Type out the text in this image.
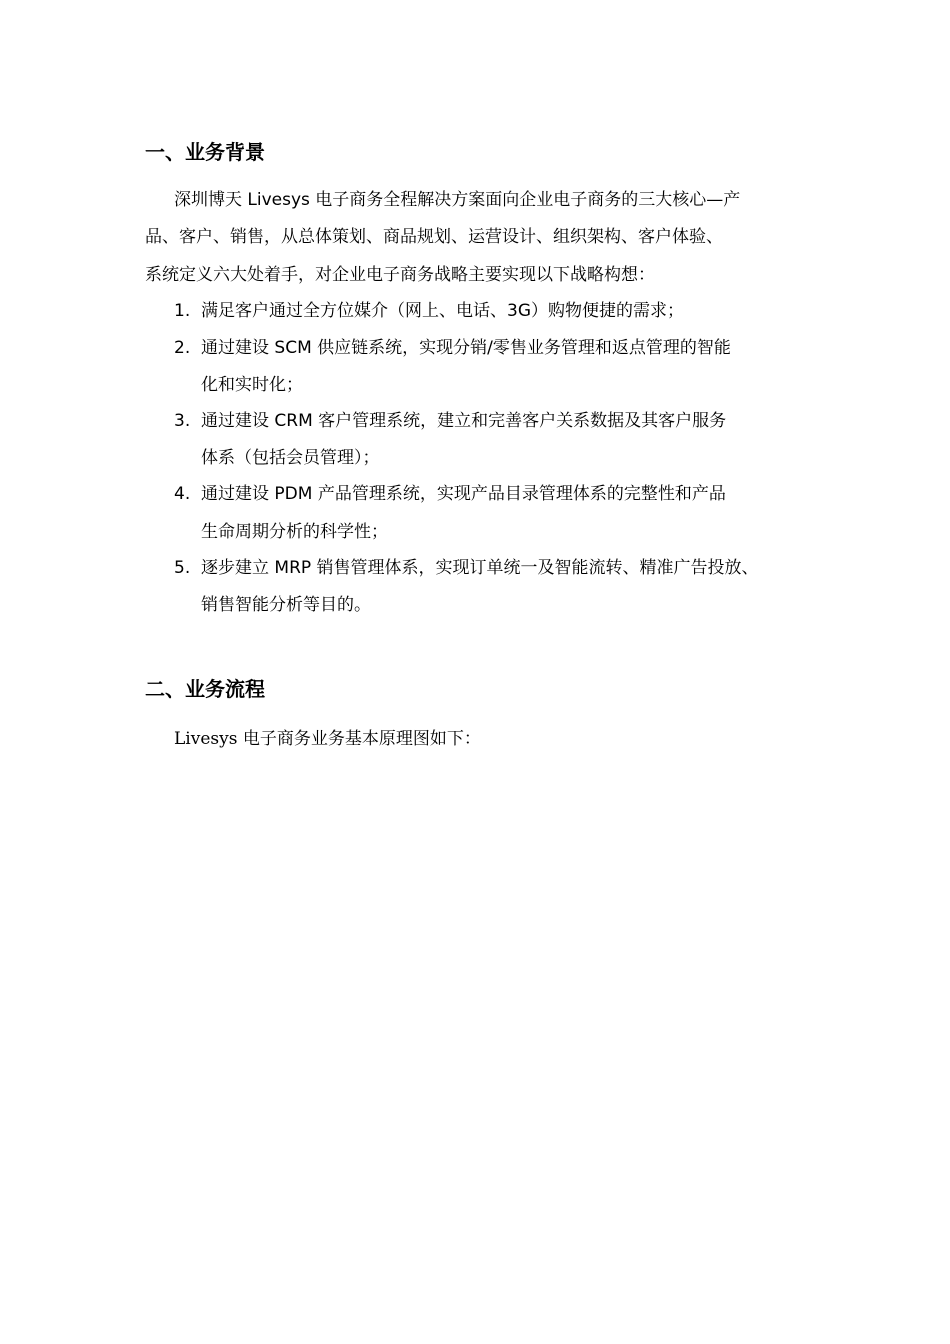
一、业务背景

深圳博天 Livesys 电子商务全程解决方案面向企业电子商务的三大核心—产

品、客户、销售，从总体策划、商品规划、运营设计、组织架构、客户体验、

系统定义六大处着手，对企业电子商务战略主要实现以下战略构想：

1. 满足客户通过全方位媒介（网上、电话、3G）购物便捷的需求；
2. 通过建设 SCM 供应链系统，实现分销/零售业务管理和返点管理的智能
化和实时化；
3. 通过建设 CRM 客户管理系统，建立和完善客户关系数据及其客户服务
体系（包括会员管理）；
4. 通过建设 PDM 产品管理系统，实现产品目录管理体系的完整性和产品
生命周期分析的科学性；
5. 逐步建立 MRP 销售管理体系，实现订单统一及智能流转、精准广告投放、
销售智能分析等目的。
二、业务流程

Livesys 电子商务业务基本原理图如下：
